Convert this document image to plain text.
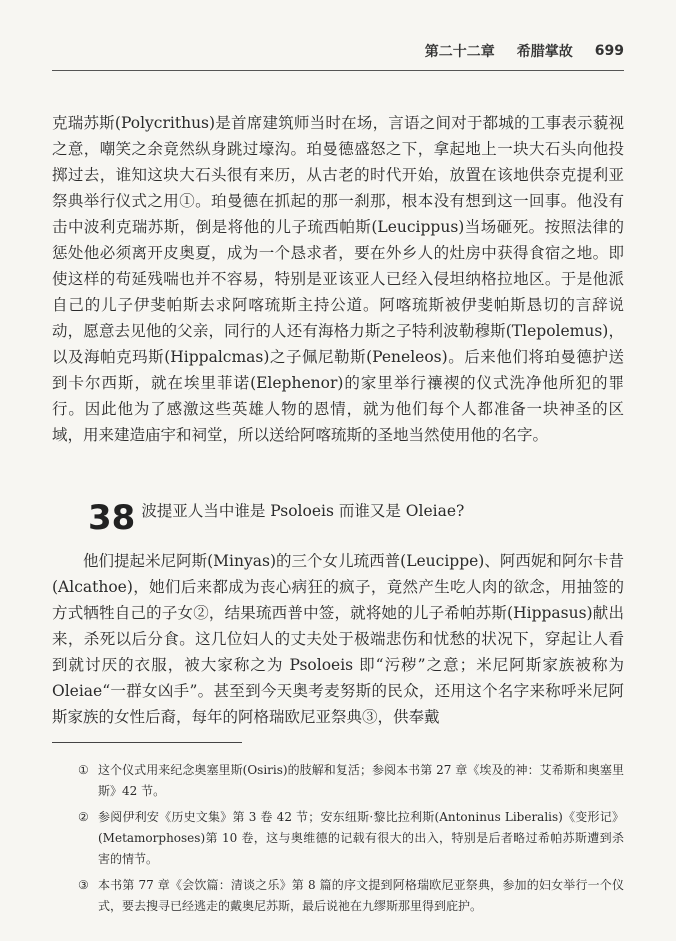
第二十二章 希腊掌故 699

克瑞苏斯(Polycrithus)是首席建筑师当时在场，言语之间对于都城的工事表示藐视之意，嘲笑之余竟然纵身跳过壕沟。珀曼德盛怒之下，拿起地上一块大石头向他投掷过去，谁知这块大石头很有来历，从古老的时代开始，放置在该地供奈克提利亚祭典举行仪式之用①。珀曼德在抓起的那一刹那，根本没有想到这一回事。他没有击中波利克瑞苏斯，倒是将他的儿子琉西帕斯(Leucippus)当场砸死。按照法律的惩处他必须离开皮奥夏，成为一个恳求者，要在外乡人的灶房中获得食宿之地。即使这样的苟延残喘也并不容易，特别是亚该亚人已经入侵坦纳格拉地区。于是他派自己的儿子伊斐帕斯去求阿喀琉斯主持公道。阿喀琉斯被伊斐帕斯恳切的言辞说动，愿意去见他的父亲，同行的人还有海格力斯之子特利波勒穆斯(Tlepolemus)，以及海帕克玛斯(Hippalcmas)之子佩尼勒斯(Peneleos)。后来他们将珀曼德护送到卡尔西斯，就在埃里菲诺(Elephenor)的家里举行禳禊的仪式洗净他所犯的罪行。因此他为了感激这些英雄人物的恩情，就为他们每个人都准备一块神圣的区域，用来建造庙宇和祠堂，所以送给阿喀琉斯的圣地当然使用他的名字。

38 波提亚人当中谁是 Psoloeis 而谁又是 Oleiae?

他们提起米尼阿斯(Minyas)的三个女儿琉西普(Leucippe)、阿西妮和阿尔卡昔(Alcathoe)，她们后来都成为丧心病狂的疯子，竟然产生吃人肉的欲念，用抽签的方式牺牲自己的子女②，结果琉西普中签，就将她的儿子希帕苏斯(Hippasus)献出来，杀死以后分食。这几位妇人的丈夫处于极端悲伤和忧愁的状况下，穿起让人看到就讨厌的衣服，被大家称之为 Psoloeis 即“污秽”之意；米尼阿斯家族被称为 Oleiae“一群女凶手”。甚至到今天奥考麦努斯的民众，还用这个名字来称呼米尼阿斯家族的女性后裔，每年的阿格瑞欧尼亚祭典③，供奉戴

① 这个仪式用来纪念奥塞里斯(Osiris)的肢解和复活；参阅本书第 27 章《埃及的神：艾希斯和奥塞里斯》42 节。
② 参阅伊利安《历史文集》第 3 卷 42 节；安东纽斯·黎比拉利斯(Antoninus Liberalis)《变形记》(Metamorphoses)第 10 卷，这与奥维德的记载有很大的出入，特别是后者略过希帕苏斯遭到杀害的情节。
③ 本书第 77 章《会饮篇：清谈之乐》第 8 篇的序文提到阿格瑞欧尼亚祭典，参加的妇女举行一个仪式，要去搜寻已经逃走的戴奥尼苏斯，最后说祂在九缪斯那里得到庇护。
